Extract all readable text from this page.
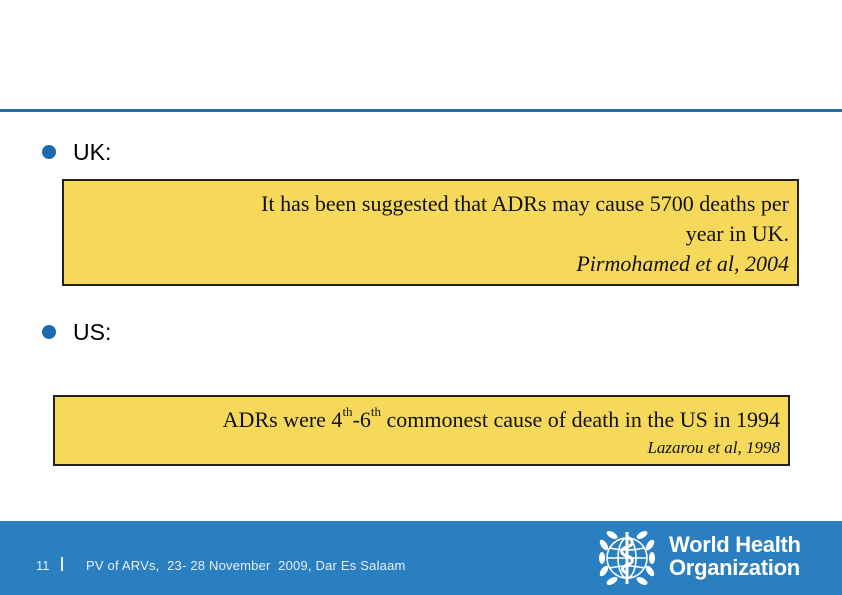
UK:
It has been suggested that ADRs may cause 5700 deaths per
year in UK.
Pirmohamed et al, 2004
US:
ADRs were 4th-6th commonest cause of death in the US in 1994
Lazarou et al, 1998
11	PV of ARVs,  23- 28 November  2009, Dar Es Salaam
World Health
Organization
